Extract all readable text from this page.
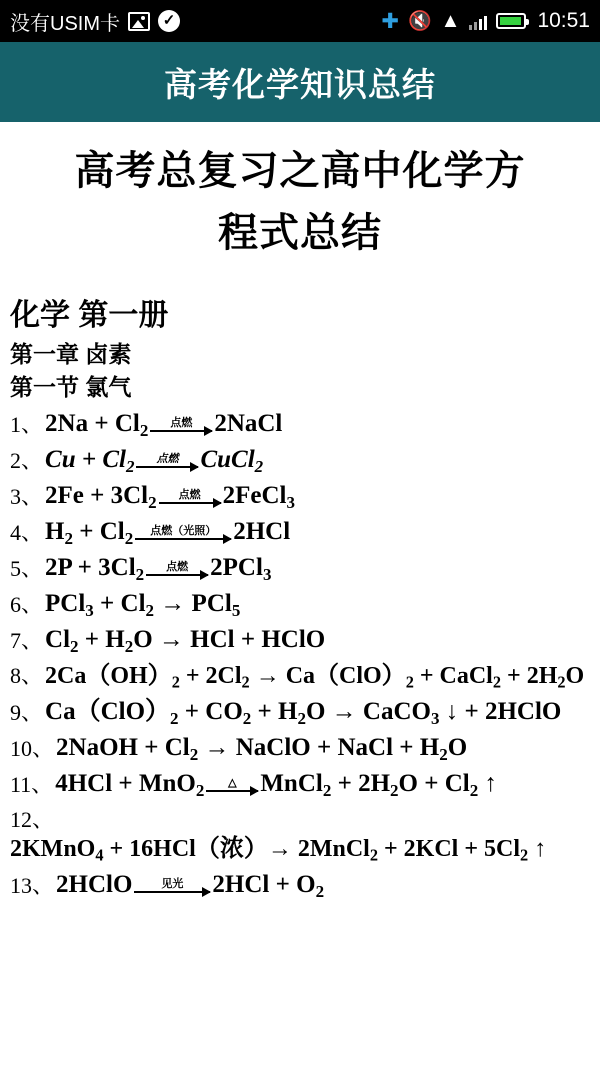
没有USIM卡	✓	✚ 🔇 ▲	10:51
高考化学知识总结
高考总复习之高中化学方
程式总结
化学 第一册
第一章 卤素
第一节 氯气
1、 $2Na + Cl_2$	点燃 2NaCl
2、 $Cu + Cl_2$	点燃 CuCl$_2$
3、 $2Fe + 3Cl_2$	点燃 2FeCl$_3$
4、 $H_2 + Cl_2$	点燃（光照） 2HCl
5、 $2P + 3Cl_2$	点燃 2PCl$_3$
6、 $PCl_3 + Cl_2 \to PCl_5$
7、 $Cl_2 + H_2O$ → HCl + HClO
8、$2Ca(OH)_2 + 2Cl_2 \to Ca(ClO)_2$ + CaCl$_2$ + $2H_2O$
9、 $Ca(ClO)_2 + CO_2 + H_2O$ → CaCO$_3$ ↓ + 2HClO
10、 2NaOH + $Cl_2$ → NaClO + NaCl + $H_2O$
11、 4HCl + MnO$_2$	△ MnCl$_2$ + $2H_2O + Cl_2$ ↑
12、2KMnO$_4$ + 16HCl（浓）→ 2MnCl$_2$ + $2KCl + 5Cl_2$ ↑
13、 2HClO	见光	$2HCl + O_2$
